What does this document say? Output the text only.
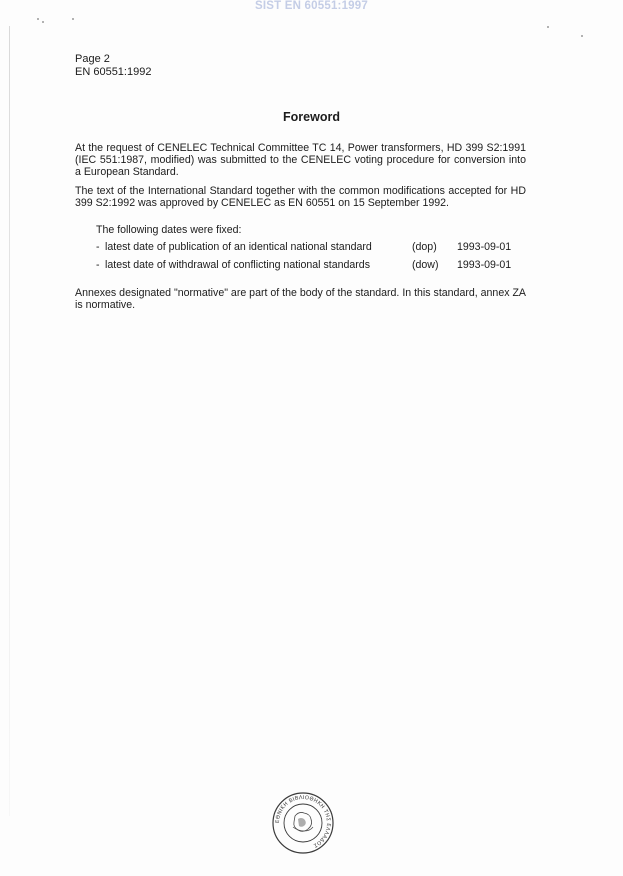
SIST EN 60551:1997
Page 2
EN 60551:1992
Foreword
At the request of CENELEC Technical Committee TC 14, Power transformers, HD 399 S2:1991 (IEC 551:1987, modified) was submitted to the CENELEC voting procedure for conversion into a European Standard.
The text of the International Standard together with the common modifications accepted for HD 399 S2:1992 was approved by CENELEC as EN 60551 on 15 September 1992.
The following dates were fixed:
- latest date of publication of an identical national standard	(dop) 1993-09-01
- latest date of withdrawal of conflicting national standards	(dow) 1993-09-01
Annexes designated "normative" are part of the body of the standard. In this standard, annex ZA is normative.
ΕΘΝΙΚΗ ΒΙΒΛΙΟΘΗΚΗ ΤΗΣ ΕΛΛΑΔΟΣ
